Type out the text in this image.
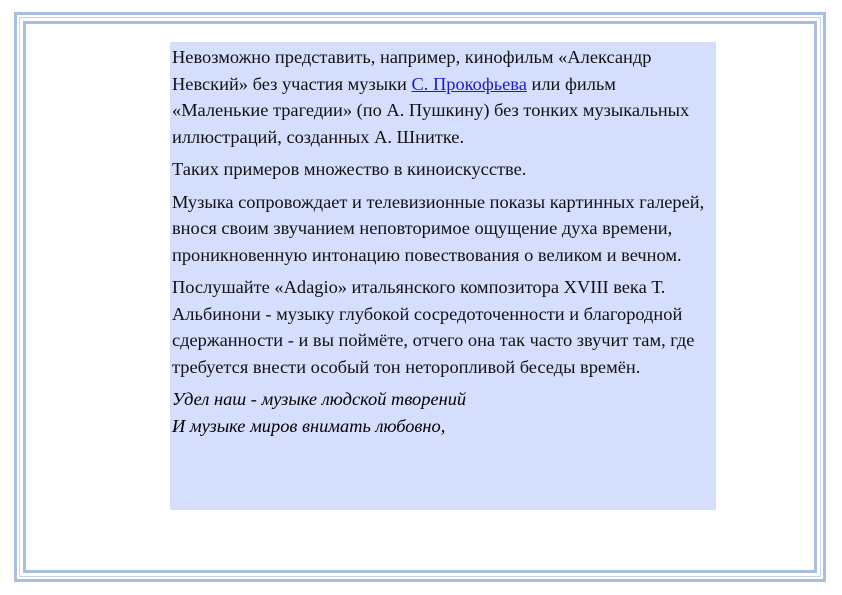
Невозможно представить, например, кинофильм «Александр Невский» без участия музыки С. Прокофьева или фильм «Маленькие трагедии» (по А. Пушкину) без тонких музыкальных иллюстраций, созданных А. Шнитке.

Таких примеров множество в киноискусстве.

Музыка сопровождает и телевизионные показы картинных галерей, внося своим звучанием неповторимое ощущение духа времени, проникновенную интонацию повествования о великом и вечном.

Послушайте «Adagio» итальянского композитора XVIII века Т. Альбинони - музыку глубокой сосредоточенности и благородной сдержанности - и вы поймёте, отчего она так часто звучит там, где требуется внести особый тон неторопливой беседы времён.

Удел наш - музыке людской творений
И музыке миров внимать любовно,
